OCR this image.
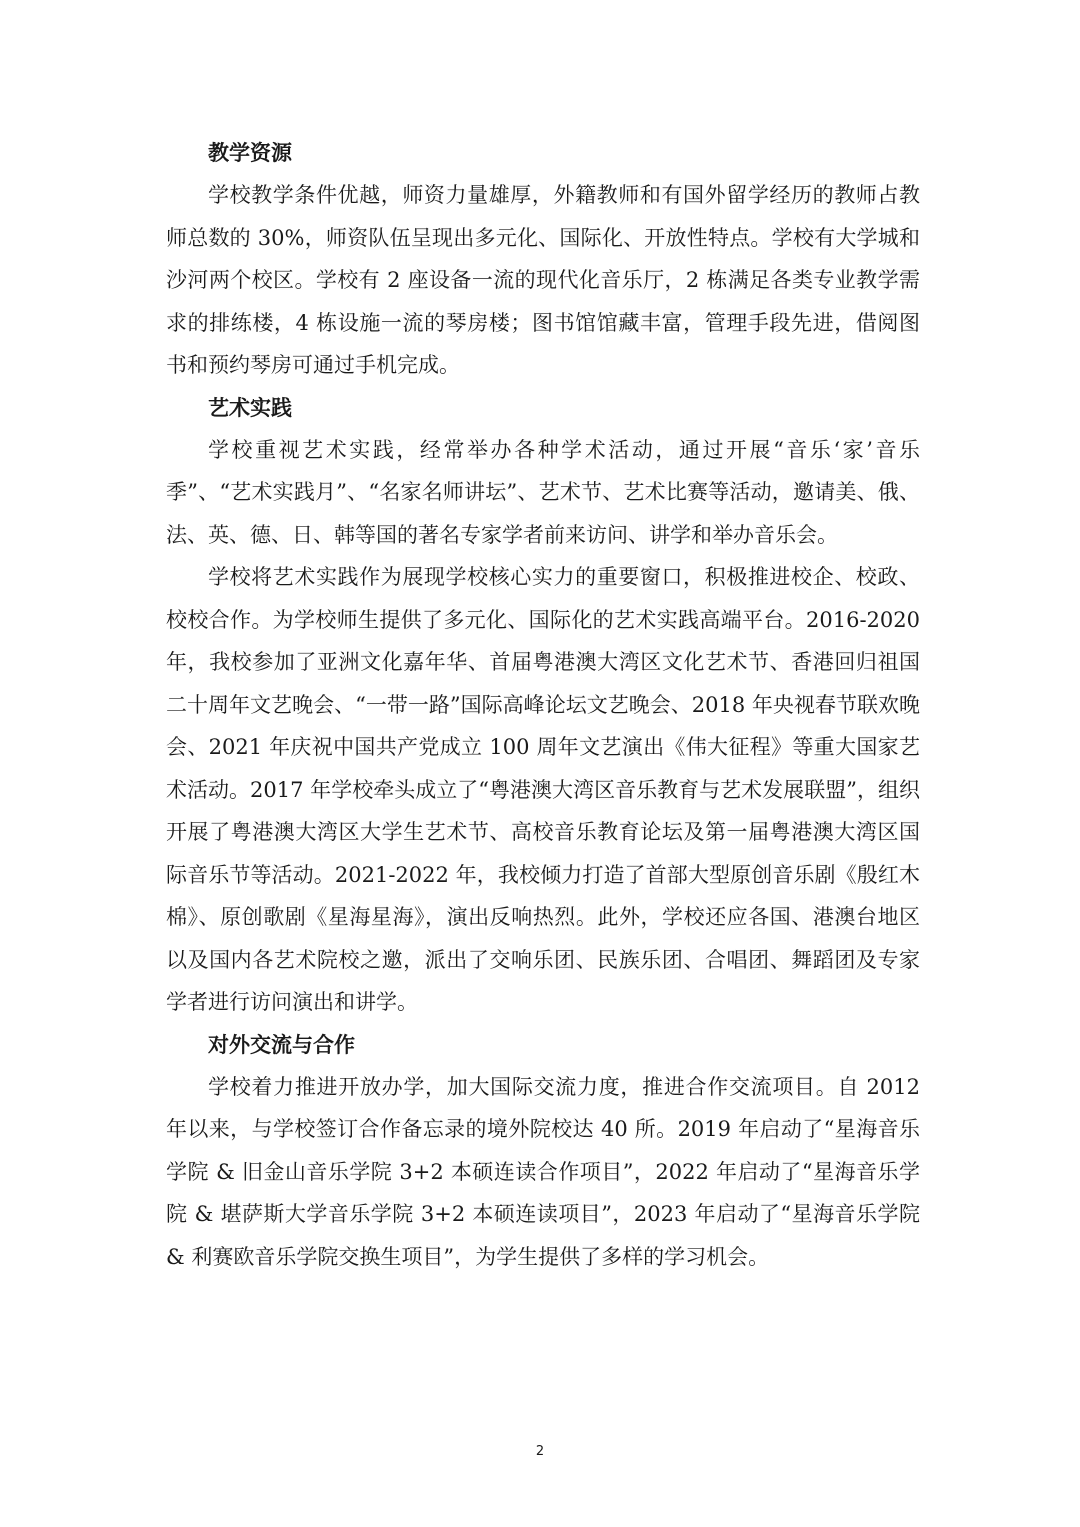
教学资源

学校教学条件优越，师资力量雄厚，外籍教师和有国外留学经历的教师占教师总数的 30%，师资队伍呈现出多元化、国际化、开放性特点。学校有大学城和沙河两个校区。学校有 2 座设备一流的现代化音乐厅，2 栋满足各类专业教学需求的排练楼，4 栋设施一流的琴房楼；图书馆馆藏丰富，管理手段先进，借阅图书和预约琴房可通过手机完成。

艺术实践

学校重视艺术实践，经常举办各种学术活动，通过开展“音乐‘家’音乐季”、“艺术实践月”、“名家名师讲坛”、艺术节、艺术比赛等活动，邀请美、俄、法、英、德、日、韩等国的著名专家学者前来访问、讲学和举办音乐会。

学校将艺术实践作为展现学校核心实力的重要窗口，积极推进校企、校政、校校合作。为学校师生提供了多元化、国际化的艺术实践高端平台。2016-2020 年，我校参加了亚洲文化嘉年华、首届粤港澳大湾区文化艺术节、香港回归祖国二十周年文艺晚会、“一带一路”国际高峰论坛文艺晚会、2018 年央视春节联欢晚会、2021 年庆祝中国共产党成立 100 周年文艺演出《伟大征程》等重大国家艺术活动。2017 年学校牵头成立了“粤港澳大湾区音乐教育与艺术发展联盟”，组织开展了粤港澳大湾区大学生艺术节、高校音乐教育论坛及第一届粤港澳大湾区国际音乐节等活动。2021-2022 年，我校倾力打造了首部大型原创音乐剧《殷红木棉》、原创歌剧《星海星海》，演出反响热烈。此外，学校还应各国、港澳台地区以及国内各艺术院校之邀，派出了交响乐团、民族乐团、合唱团、舞蹈团及专家学者进行访问演出和讲学。

对外交流与合作

学校着力推进开放办学，加大国际交流力度，推进合作交流项目。自 2012 年以来，与学校签订合作备忘录的境外院校达 40 所。2019 年启动了“星海音乐学院 & 旧金山音乐学院 3+2 本硕连读合作项目”，2022 年启动了“星海音乐学院 & 堪萨斯大学音乐学院 3+2 本硕连读项目”，2023 年启动了“星海音乐学院 & 利赛欧音乐学院交换生项目”，为学生提供了多样的学习机会。

2
